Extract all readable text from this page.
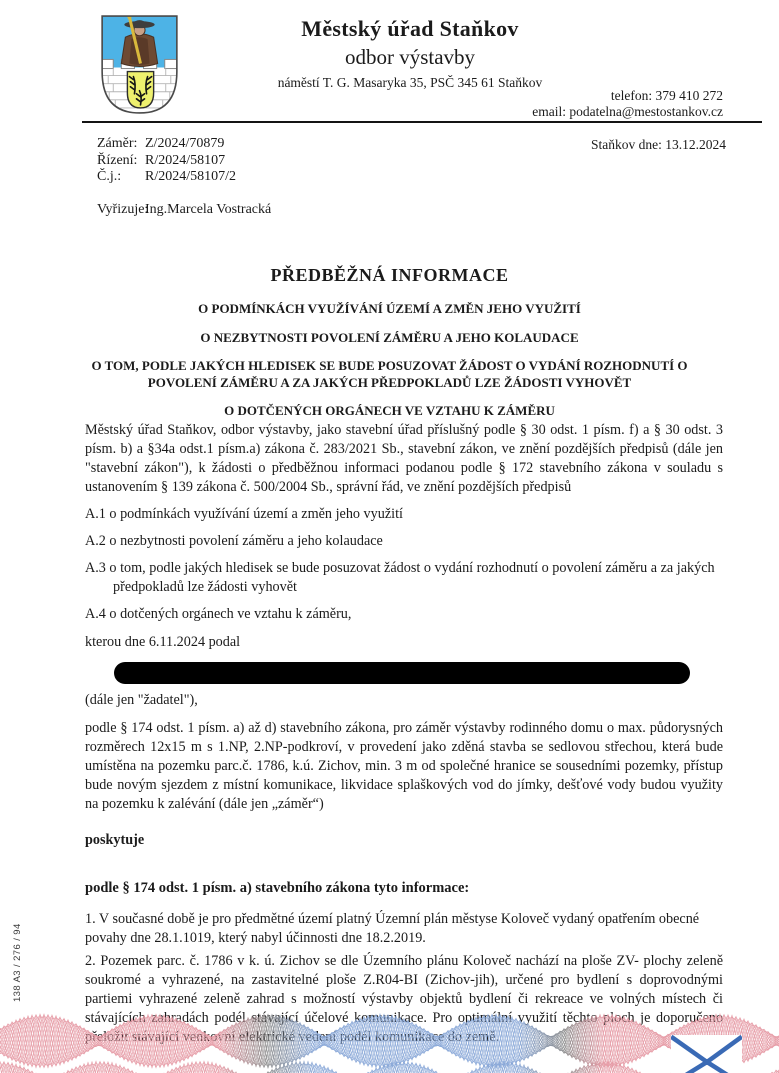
Městský úřad Staňkov
odbor výstavby
náměstí T. G. Masaryka 35, PSČ 345 61 Staňkov
telefon: 379 410 272
email: podatelna@mestostankov.cz
Záměr: Z/2024/70879
Řízení: R/2024/58107
Č.j.:	R/2024/58107/2
Staňkov dne: 13.12.2024
Vyřizuje:
Ing.Marcela Vostracká
PŘEDBĚŽNÁ INFORMACE
O PODMÍNKÁCH VYUŽÍVÁNÍ ÚZEMÍ A ZMĚN JEHO VYUŽITÍ
O NEZBYTNOSTI POVOLENÍ ZÁMĚRU A JEHO KOLAUDACE
O TOM, PODLE JAKÝCH HLEDISEK SE BUDE POSUZOVAT ŽÁDOST O VYDÁNÍ ROZHODNUTÍ O POVOLENÍ ZÁMĚRU A ZA JAKÝCH PŘEDPOKLADŮ LZE ŽÁDOSTI VYHOVĚT
O DOTČENÝCH ORGÁNECH VE VZTAHU K ZÁMĚRU
Městský úřad Staňkov, odbor výstavby, jako stavební úřad příslušný podle § 30 odst. 1 písm. f) a § 30 odst. 3 písm. b) a §34a odst.1 písm.a) zákona č. 283/2021 Sb., stavební zákon, ve znění pozdějších předpisů (dále jen "stavební zákon"), k žádosti o předběžnou informaci podanou podle § 172 stavebního zákona v souladu s ustanovením § 139 zákona č. 500/2004 Sb., správní řád, ve znění pozdějších předpisů
A.1 o podmínkách využívání území a změn jeho využití
A.2 o nezbytnosti povolení záměru a jeho kolaudace
A.3 o tom, podle jakých hledisek se bude posuzovat žádost o vydání rozhodnutí o povolení záměru a za jakých předpokladů lze žádosti vyhovět
A.4 o dotčených orgánech ve vztahu k záměru,
kterou dne 6.11.2024 podal
(dále jen "žadatel"),
podle § 174 odst. 1 písm. a) až d) stavebního zákona, pro záměr výstavby rodinného domu o max. půdorysných rozměrech 12x15 m s 1.NP, 2.NP-podkroví, v provedení jako zděná stavba se sedlovou střechou, která bude umístěna na pozemku parc.č. 1786, k.ú. Zichov, min. 3 m od společné hranice se sousedními pozemky, přístup bude novým sjezdem z místní komunikace, likvidace splaškových vod do jímky, dešťové vody budou využity na pozemku k zalévání (dále jen „záměr“)
poskytuje
podle § 174 odst. 1 písm. a) stavebního zákona tyto informace:
1. V současné době je pro předmětné území platný Územní plán městyse Koloveč vydaný opatřením obecné povahy dne 28.1.1019, který nabyl účinnosti dne 18.2.2019.
2. Pozemek parc. č. 1786 v k. ú. Zichov se dle Územního plánu Koloveč nachází na ploše ZV- plochy zeleně soukromé a vyhrazené, na zastavitelné ploše Z.R04-BI (Zichov-jih), určené pro bydlení s doprovodnými partiemi vyhrazené zeleně zahrad s možností výstavby objektů bydlení či rekreace ve volných místech či stávajících zahradách podél stávající účelové komunikace. Pro optimální využití těchto ploch je doporučeno přeložit stávající venkovní elektrické vedení podél komunikace do země.
138 A3 / 276 / 94
